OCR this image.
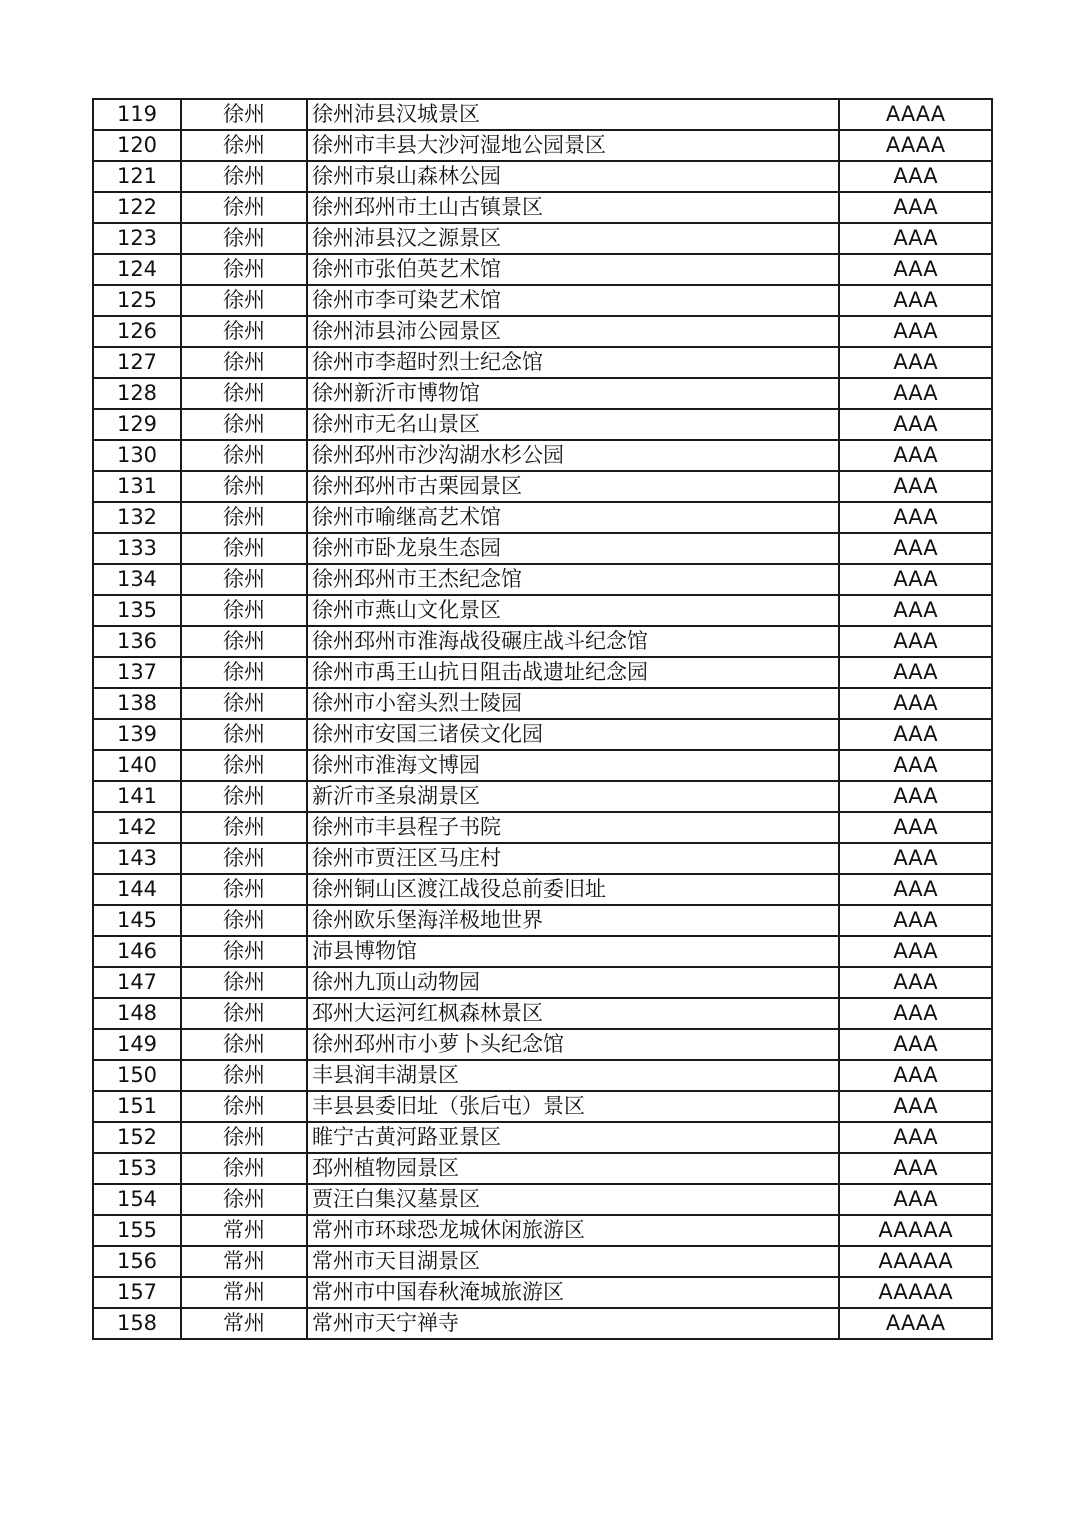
119	徐州	徐州沛县汉城景区	AAAA
120	徐州	徐州市丰县大沙河湿地公园景区	AAAA
121	徐州	徐州市泉山森林公园	AAA
122	徐州	徐州邳州市土山古镇景区	AAA
123	徐州	徐州沛县汉之源景区	AAA
124	徐州	徐州市张伯英艺术馆	AAA
125	徐州	徐州市李可染艺术馆	AAA
126	徐州	徐州沛县沛公园景区	AAA
127	徐州	徐州市李超时烈士纪念馆	AAA
128	徐州	徐州新沂市博物馆	AAA
129	徐州	徐州市无名山景区	AAA
130	徐州	徐州邳州市沙沟湖水杉公园	AAA
131	徐州	徐州邳州市古栗园景区	AAA
132	徐州	徐州市喻继高艺术馆	AAA
133	徐州	徐州市卧龙泉生态园	AAA
134	徐州	徐州邳州市王杰纪念馆	AAA
135	徐州	徐州市燕山文化景区	AAA
136	徐州	徐州邳州市淮海战役碾庄战斗纪念馆	AAA
137	徐州	徐州市禹王山抗日阻击战遗址纪念园	AAA
138	徐州	徐州市小窑头烈士陵园	AAA
139	徐州	徐州市安国三诸侯文化园	AAA
140	徐州	徐州市淮海文博园	AAA
141	徐州	新沂市圣泉湖景区	AAA
142	徐州	徐州市丰县程子书院	AAA
143	徐州	徐州市贾汪区马庄村	AAA
144	徐州	徐州铜山区渡江战役总前委旧址	AAA
145	徐州	徐州欧乐堡海洋极地世界	AAA
146	徐州	沛县博物馆	AAA
147	徐州	徐州九顶山动物园	AAA
148	徐州	邳州大运河红枫森林景区	AAA
149	徐州	徐州邳州市小萝卜头纪念馆	AAA
150	徐州	丰县润丰湖景区	AAA
151	徐州	丰县县委旧址（张后屯）景区	AAA
152	徐州	睢宁古黄河路亚景区	AAA
153	徐州	邳州植物园景区	AAA
154	徐州	贾汪白集汉墓景区	AAA
155	常州	常州市环球恐龙城休闲旅游区	AAAAA
156	常州	常州市天目湖景区	AAAAA
157	常州	常州市中国春秋淹城旅游区	AAAAA
158	常州	常州市天宁禅寺	AAAA
